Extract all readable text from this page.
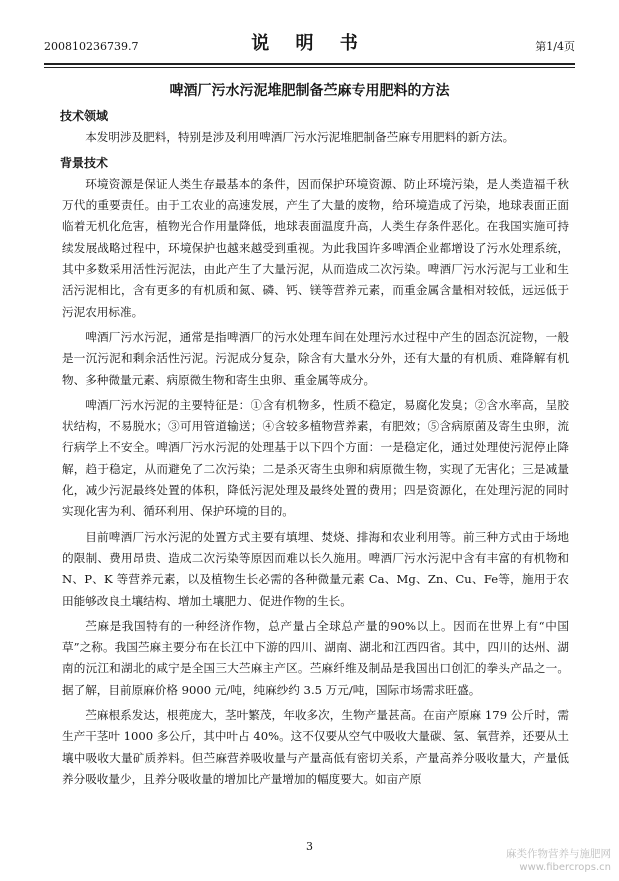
200810236739.7	说 明 书	第1/4页
啤酒厂污水污泥堆肥制备苎麻专用肥料的方法
技术领域

本发明涉及肥料，特别是涉及利用啤酒厂污水污泥堆肥制备苎麻专用肥料的新方法。

背景技术

环境资源是保证人类生存最基本的条件，因而保护环境资源、防止环境污染，是人类造福千秋万代的重要责任。由于工农业的高速发展，产生了大量的废物，给环境造成了污染，地球表面正面临着无机化危害，植物光合作用量降低，地球表面温度升高，人类生存条件恶化。在我国实施可持续发展战略过程中，环境保护也越来越受到重视。为此我国许多啤酒企业都增设了污水处理系统，其中多数采用活性污泥法，由此产生了大量污泥，从而造成二次污染。啤酒厂污水污泥与工业和生活污泥相比，含有更多的有机质和氮、磷、钙、镁等营养元素，而重金属含量相对较低，远远低于污泥农用标准。

啤酒厂污水污泥，通常是指啤酒厂的污水处理车间在处理污水过程中产生的固态沉淀物，一般是一沉污泥和剩余活性污泥。污泥成分复杂，除含有大量水分外，还有大量的有机质、难降解有机物、多种微量元素、病原微生物和寄生虫卵、重金属等成分。

啤酒厂污水污泥的主要特征是：①含有机物多，性质不稳定，易腐化发臭；②含水率高，呈胶状结构，不易脱水；③可用管道输送；④含较多植物营养素，有肥效；⑤含病原菌及寄生虫卵，流行病学上不安全。啤酒厂污水污泥的处理基于以下四个方面：一是稳定化，通过处理使污泥停止降解，趋于稳定，从而避免了二次污染；二是杀灭寄生虫卵和病原微生物，实现了无害化；三是减量化，减少污泥最终处置的体积，降低污泥处理及最终处置的费用；四是资源化，在处理污泥的同时实现化害为利、循环利用、保护环境的目的。

目前啤酒厂污水污泥的处置方式主要有填埋、焚烧、排海和农业利用等。前三种方式由于场地的限制、费用昂贵、造成二次污染等原因而难以长久施用。啤酒厂污水污泥中含有丰富的有机物和 N、P、K 等营养元素，以及植物生长必需的各种微量元素 Ca、Mg、Zn、Cu、Fe等，施用于农田能够改良土壤结构、增加土壤肥力、促进作物的生长。

苎麻是我国特有的一种经济作物，总产量占全球总产量的90%以上。因而在世界上有“中国草”之称。我国苎麻主要分布在长江中下游的四川、湖南、湖北和江西四省。其中，四川的达州、湖南的沅江和湖北的咸宁是全国三大苎麻主产区。苎麻纤维及制品是我国出口创汇的拳头产品之一。据了解，目前原麻价格 9000 元/吨，纯麻纱约 3.5 万元/吨，国际市场需求旺盛。

苎麻根系发达，根蔸庞大，茎叶繁茂，年收多次，生物产量甚高。在亩产原麻 179 公斤时，需生产干茎叶 1000 多公斤，其中叶占 40%。这不仅要从空气中吸收大量碳、氢、氧营养，还要从土壤中吸收大量矿质养料。但苎麻营养吸收量与产量高低有密切关系，产量高养分吸收量大，产量低养分吸收量少，且养分吸收量的增加比产量增加的幅度要大。如亩产原

3
麻类作物营养与施肥网
www.fibercrops.cn
